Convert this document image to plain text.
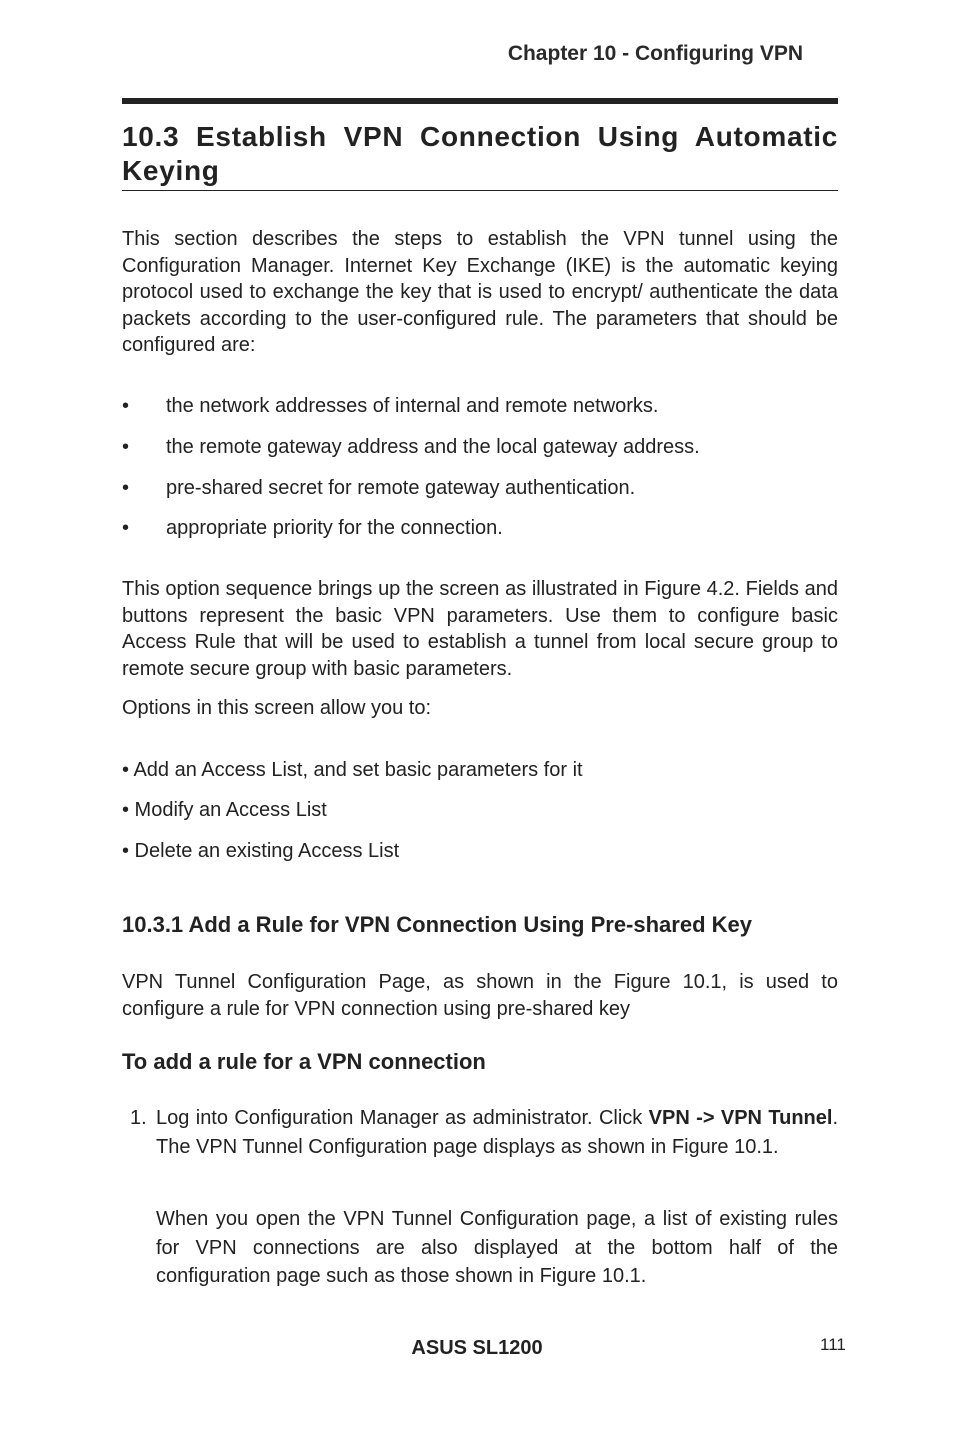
Chapter 10 - Configuring VPN
10.3 Establish VPN Connection Using Automatic
Keying
This section describes the steps to establish the VPN tunnel using the Configuration Manager. Internet Key Exchange (IKE) is the automatic keying protocol used to exchange the key that is used to encrypt/ authenticate the data packets according to the user-configured rule. The parameters that should be configured are:
• the network addresses of internal and remote networks.
• the remote gateway address and the local gateway address.
• pre-shared secret for remote gateway authentication.
• appropriate priority for the connection.
This option sequence brings up the screen as illustrated in Figure 4.2. Fields and buttons represent the basic VPN parameters. Use them to configure basic Access Rule that will be used to establish a tunnel from local secure group to remote secure group with basic parameters.
Options in this screen allow you to:
• Add an Access List, and set basic parameters for it
• Modify an Access List
• Delete an existing Access List
10.3.1 Add a Rule for VPN Connection Using Pre-shared Key
VPN Tunnel Configuration Page, as shown in the Figure 10.1, is used to configure a rule for VPN connection using pre-shared key
To add a rule for a VPN connection
1. Log into Configuration Manager as administrator. Click VPN -> VPN Tunnel. The VPN Tunnel Configuration page displays as shown in Figure 10.1.
When you open the VPN Tunnel Configuration page, a list of existing rules for VPN connections are also displayed at the bottom half of the configuration page such as those shown in Figure 10.1.
ASUS SL1200	111
